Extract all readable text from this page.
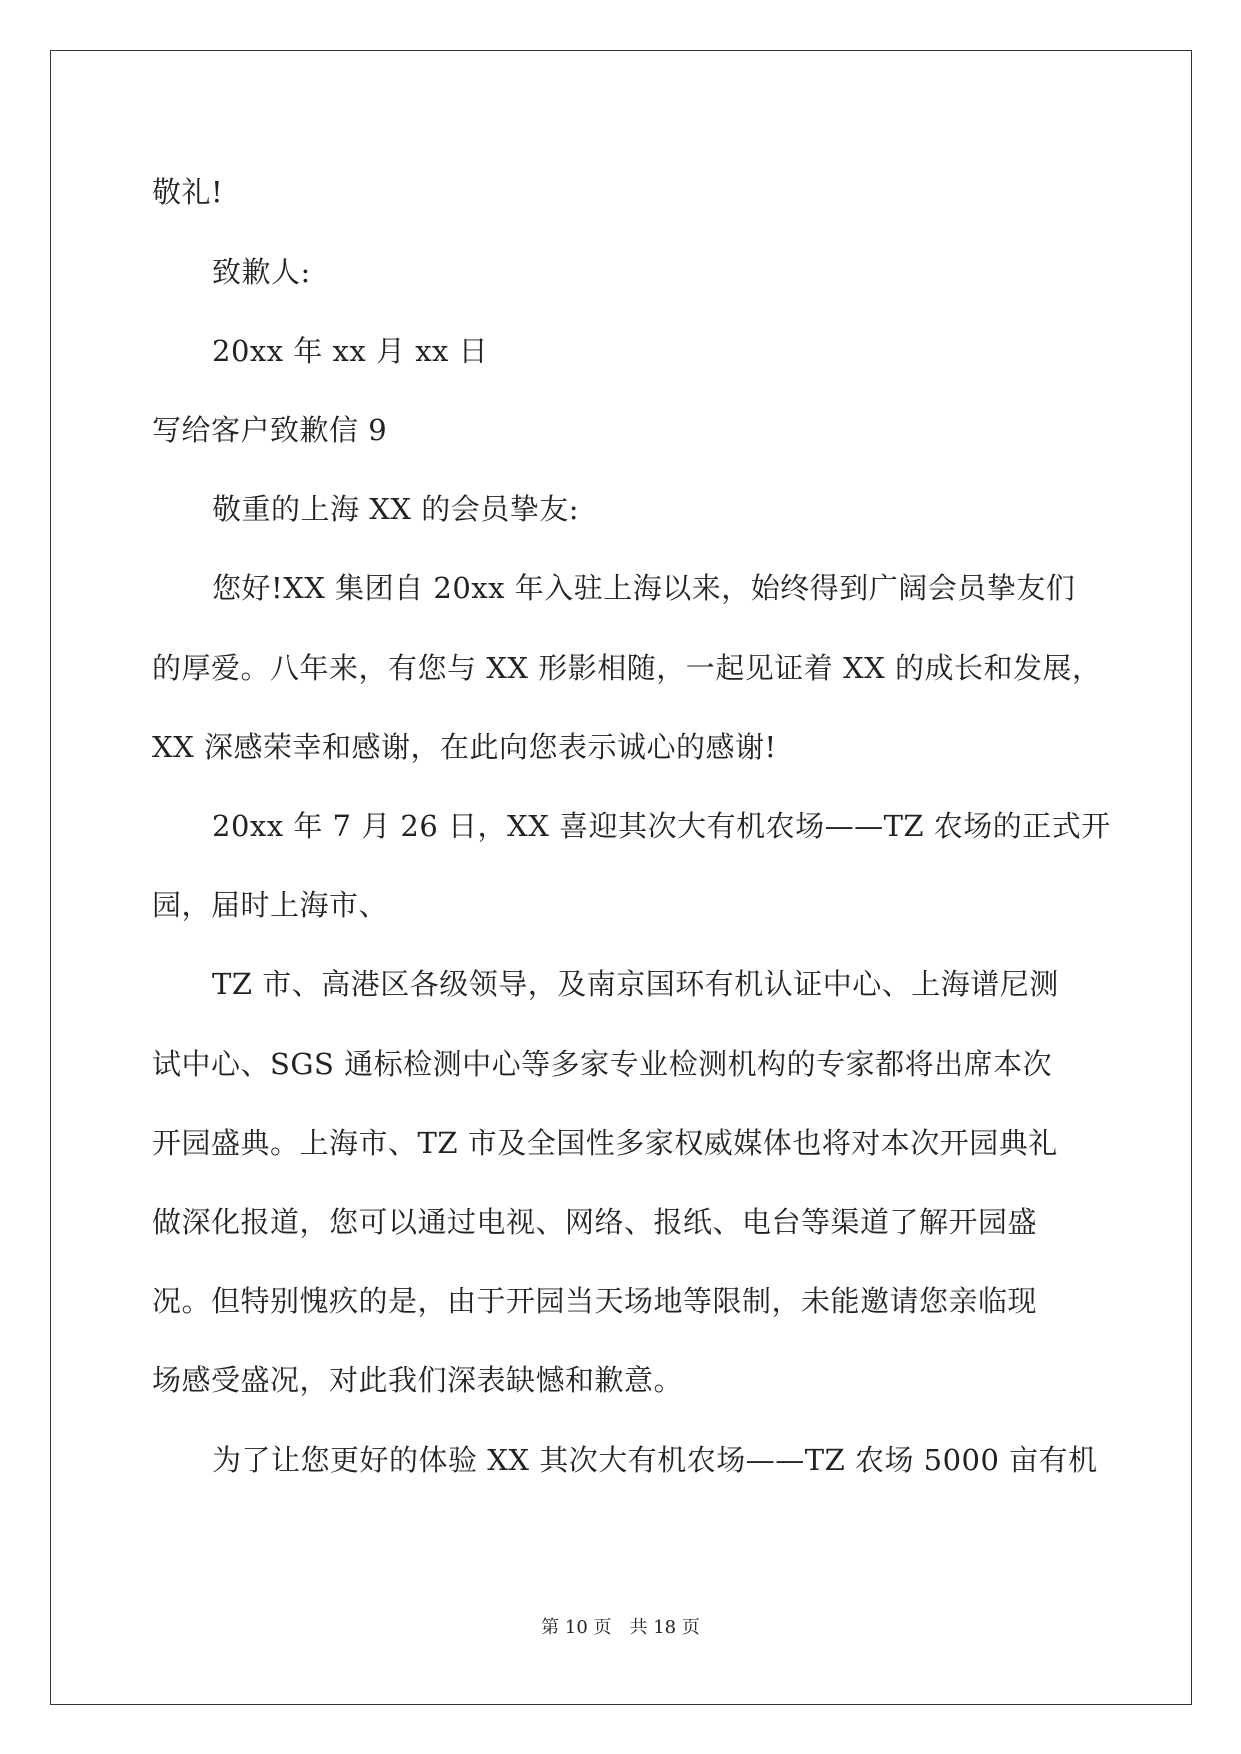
敬礼!
致歉人:
20xx 年 xx 月 xx 日
写给客户致歉信 9
敬重的上海 XX 的会员挚友:
您好!XX 集团自 20xx 年入驻上海以来，始终得到广阔会员挚友们
的厚爱。八年来，有您与 XX 形影相随，一起见证着 XX 的成长和发展，
XX 深感荣幸和感谢，在此向您表示诚心的感谢!
20xx 年 7 月 26 日，XX 喜迎其次大有机农场——TZ 农场的正式开
园，届时上海市、
TZ 市、高港区各级领导，及南京国环有机认证中心、上海谱尼测
试中心、SGS 通标检测中心等多家专业检测机构的专家都将出席本次
开园盛典。上海市、TZ 市及全国性多家权威媒体也将对本次开园典礼
做深化报道，您可以通过电视、网络、报纸、电台等渠道了解开园盛
况。但特别愧疚的是，由于开园当天场地等限制，未能邀请您亲临现
场感受盛况，对此我们深表缺憾和歉意。
为了让您更好的体验 XX 其次大有机农场——TZ 农场 5000 亩有机
第 10 页　共 18 页
